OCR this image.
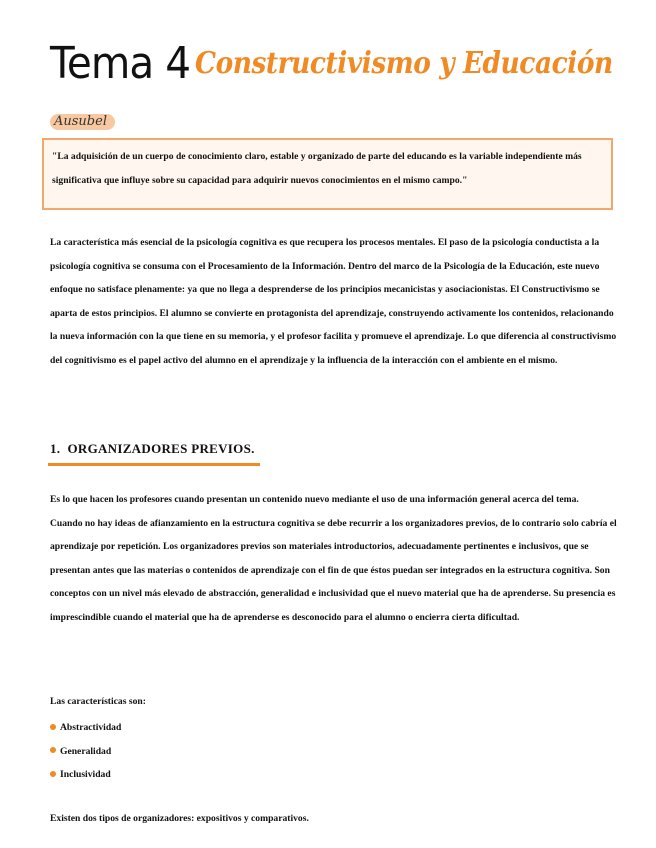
Tema 4 Constructivismo y Educación
Ausubel
"La adquisición de un cuerpo de conocimiento claro, estable y organizado de parte del educando es la variable independiente más significativa que influye sobre su capacidad para adquirir nuevos conocimientos en el mismo campo."

La característica más esencial de la psicología cognitiva es que recupera los procesos mentales. El paso de la psicología conductista a la psicología cognitiva se consuma con el Procesamiento de la Información. Dentro del marco de la Psicología de la Educación, este nuevo enfoque no satisface plenamente: ya que no llega a desprenderse de los principios mecanicistas y asociacionistas. El Constructivismo se aparta de estos principios. El alumno se convierte en protagonista del aprendizaje, construyendo activamente los contenidos, relacionando la nueva información con la que tiene en su memoria, y el profesor facilita y promueve el aprendizaje. Lo que diferencia al constructivismo del cognitivismo es el papel activo del alumno en el aprendizaje y la influencia de la interacción con el ambiente en el mismo.

1. ORGANIZADORES PREVIOS.

Es lo que hacen los profesores cuando presentan un contenido nuevo mediante el uso de una información general acerca del tema.
Cuando no hay ideas de afianzamiento en la estructura cognitiva se debe recurrir a los organizadores previos, de lo contrario solo cabría el aprendizaje por repetición. Los organizadores previos son materiales introductorios, adecuadamente pertinentes e inclusivos, que se presentan antes que las materias o contenidos de aprendizaje con el fin de que éstos puedan ser integrados en la estructura cognitiva. Son conceptos con un nivel más elevado de abstracción, generalidad e inclusividad que el nuevo material que ha de aprenderse. Su presencia es imprescindible cuando el material que ha de aprenderse es desconocido para el alumno o encierra cierta dificultad.

Las características son:
Abstractividad
Generalidad
Inclusividad
Existen dos tipos de organizadores: expositivos y comparativos.
